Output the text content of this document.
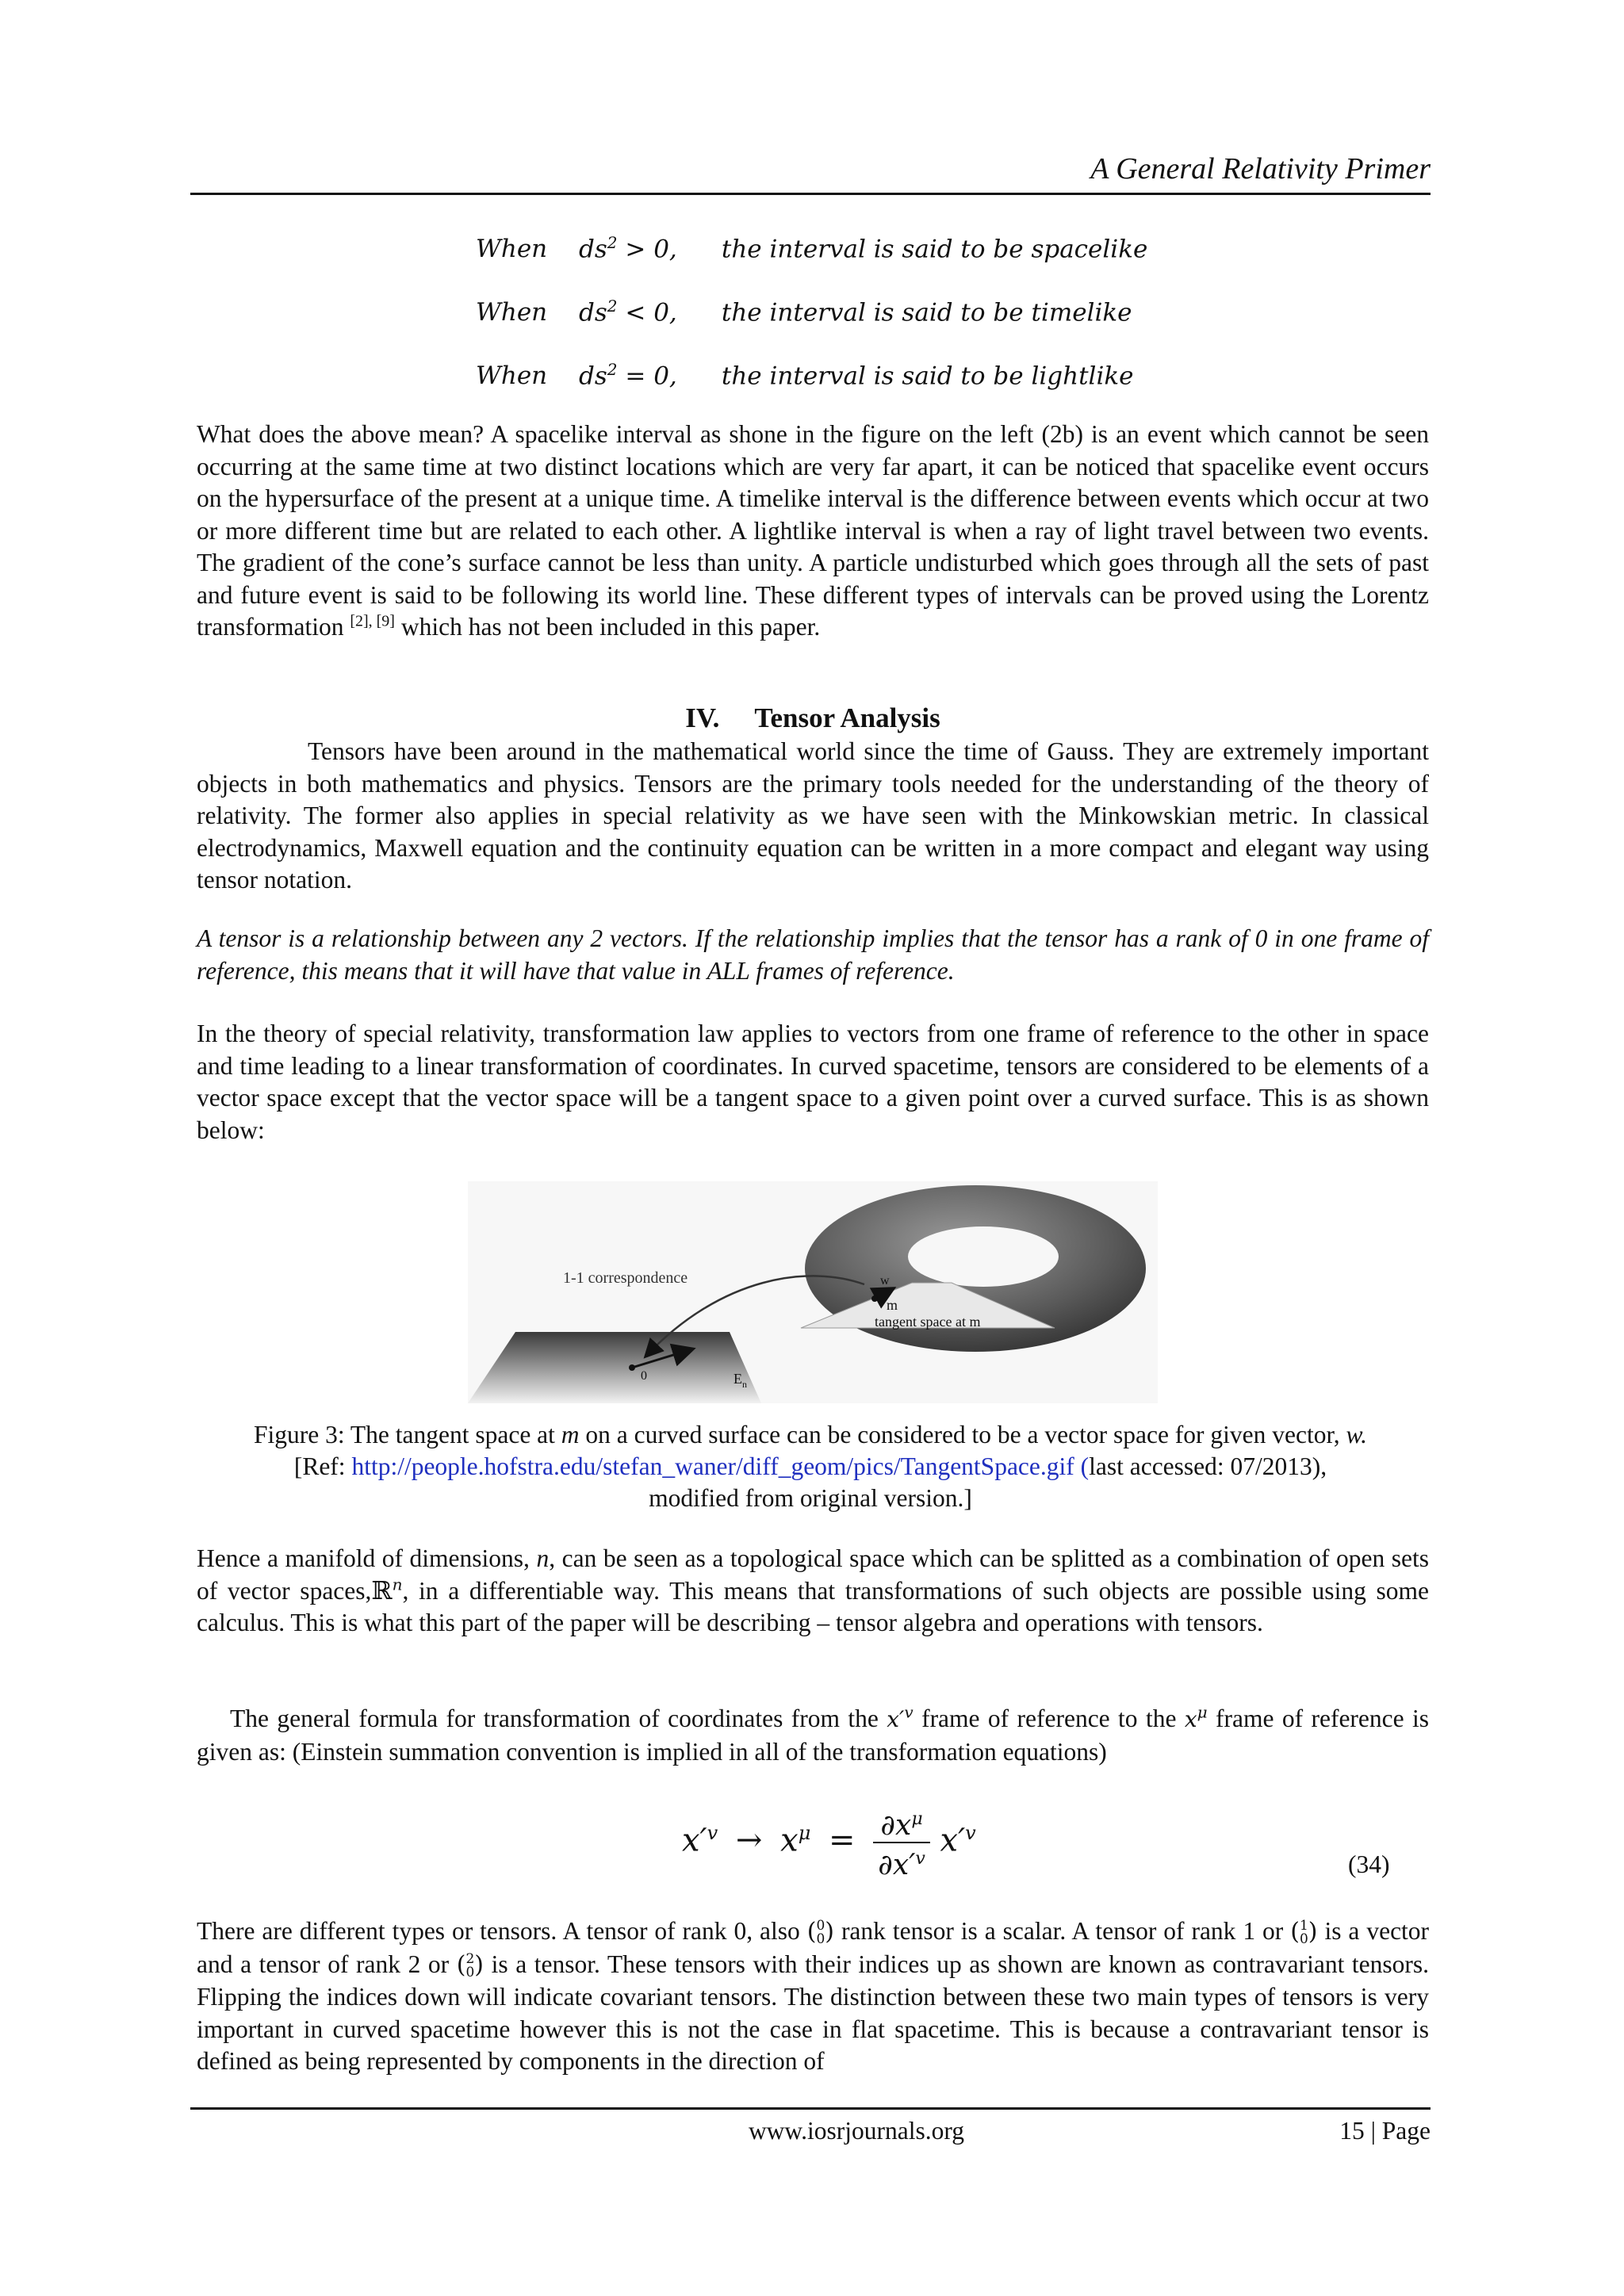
A General Relativity Primer
When $ds^2 > 0$, the interval is said to be spacelike
When $ds^2 < 0$, the interval is said to be timelike
When $ds^2 = 0$, the interval is said to be lightlike
What does the above mean? A spacelike interval as shone in the figure on the left (2b) is an event which cannot be seen occurring at the same time at two distinct locations which are very far apart, it can be noticed that spacelike event occurs on the hypersurface of the present at a unique time. A timelike interval is the difference between events which occur at two or more different time but are related to each other. A lightlike interval is when a ray of light travel between two events. The gradient of the cone’s surface cannot be less than unity. A particle undisturbed which goes through all the sets of past and future event is said to be following its world line. These different types of intervals can be proved using the Lorentz transformation [2], [9] which has not been included in this paper.
IV. Tensor Analysis
Tensors have been around in the mathematical world since the time of Gauss. They are extremely important objects in both mathematics and physics. Tensors are the primary tools needed for the understanding of the theory of relativity. The former also applies in special relativity as we have seen with the Minkowskian metric. In classical electrodynamics, Maxwell equation and the continuity equation can be written in a more compact and elegant way using tensor notation.
A tensor is a relationship between any 2 vectors. If the relationship implies that the tensor has a rank of 0 in one frame of reference, this means that it will have that value in ALL frames of reference.
In the theory of special relativity, transformation law applies to vectors from one frame of reference to the other in space and time leading to a linear transformation of coordinates. In curved spacetime, tensors are considered to be elements of a vector space except that the vector space will be a tangent space to a given point over a curved surface. This is as shown below:
1-1 correspondence	w
m
tangent space at m
0	$E_n$
Figure 3: The tangent space at m on a curved surface can be considered to be a vector space for given vector, w.
[Ref: http://people.hofstra.edu/stefan_waner/diff_geom/pics/TangentSpace.gif (last accessed: 07/2013),
modified from original version.]
Hence a manifold of dimensions, n, can be seen as a topological space which can be splitted as a combination of open sets of vector spaces,ℝ$^n$, in a differentiable way. This means that transformations of such objects are possible using some calculus. This is what this part of the paper will be describing – tensor algebra and operations with tensors.
The general formula for transformation of coordinates from the $x'^v$ frame of reference to the $x^\mu$ frame of reference is given as: (Einstein summation convention is implied in all of the transformation equations)
$x'^v \to x^\mu = \frac{\partial x^\mu}{\partial x'^v} x'^v$
(34)
There are different types or tensors. A tensor of rank 0, also (0
0) rank tensor is a scalar. A tensor of rank 1 or (1
0) is a vector and a tensor of rank 2 or (2
0) is a tensor. These tensors with their indices up as shown are known as contravariant tensors. Flipping the indices down will indicate covariant tensors. The distinction between these two main types of tensors is very important in curved spacetime however this is not the case in flat spacetime. This is because a contravariant tensor is defined as being represented by components in the direction of
www.iosrjournals.org	15 | Page
